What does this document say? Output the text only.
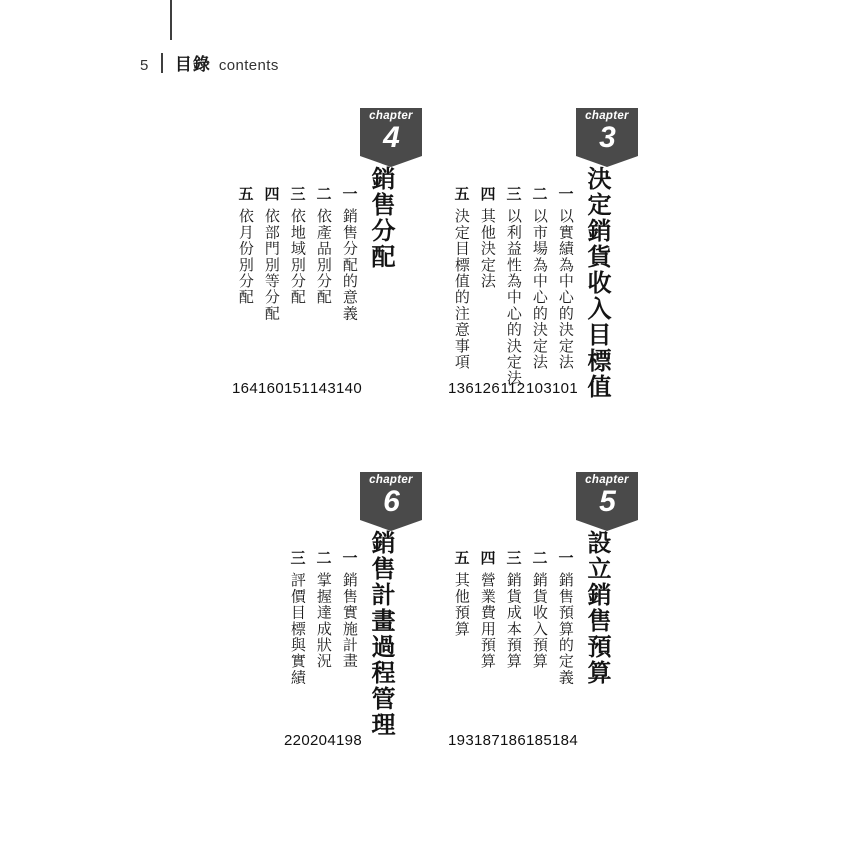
5 目錄 contents
chapter
3
五
決定目標值的注意事項
四
其他決定法
三
以利益性為中心的決定法
二
以市場為中心的決定法
一
以實績為中心的決定法 決定銷貨收入目標值
136 126 112 103 101
chapter
4
五
依月份別分配
四
依部門別等分配
三
依地域別分配
二
依產品別分配
一
銷售分配的意義 銷售分配
164 160 151 143 140
chapter
5
五
其他預算
四
營業費用預算
三
銷貨成本預算
二
銷貨收入預算
一
銷售預算的定義 設立銷售預算
193 187 186 185 184
chapter
6
三
評價目標與實績
二
掌握達成狀況
一
銷售實施計畫 銷售計畫過程管理
220 204 198
